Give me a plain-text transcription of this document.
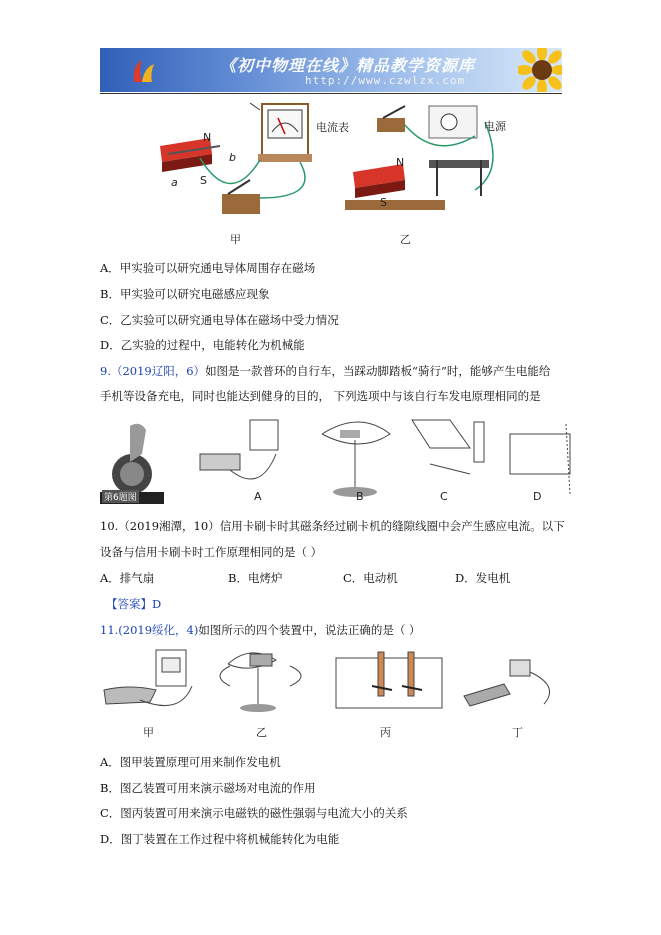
《初中物理在线》精品教学资源库
http://www.czwlzx.com
电流表
N
S
a
b
电源
N
S
甲	乙
A．甲实验可以研究通电导体周围存在磁场
B．甲实验可以研究电磁感应现象
C．乙实验可以研究通电导体在磁场中受力情况
D．乙实验的过程中，电能转化为机械能
9.（2019辽阳，6）如图是一款普环的自行车，当踩动脚踏板“骑行”时，能够产生电能给
手机等设备充电，同时也能达到健身的目的， 下列选项中与该自行车发电原理相同的是
第6题图	A	B	C	D
10.（2019湘潭，10）信用卡刷卡时其磁条经过刷卡机的缝隙线圈中会产生感应电流。以下
设备与信用卡刷卡时工作原理相同的是（ ）
A．排气扇	B．电烤炉	C．电动机	D．发电机
【答案】D
11.(2019绥化，4)如图所示的四个装置中，说法正确的是（ ）
甲	乙	丙	丁
A．图甲装置原理可用来制作发电机
B．图乙装置可用来演示磁场对电流的作用
C．图丙装置可用来演示电磁铁的磁性强弱与电流大小的关系
D．图丁装置在工作过程中将机械能转化为电能
